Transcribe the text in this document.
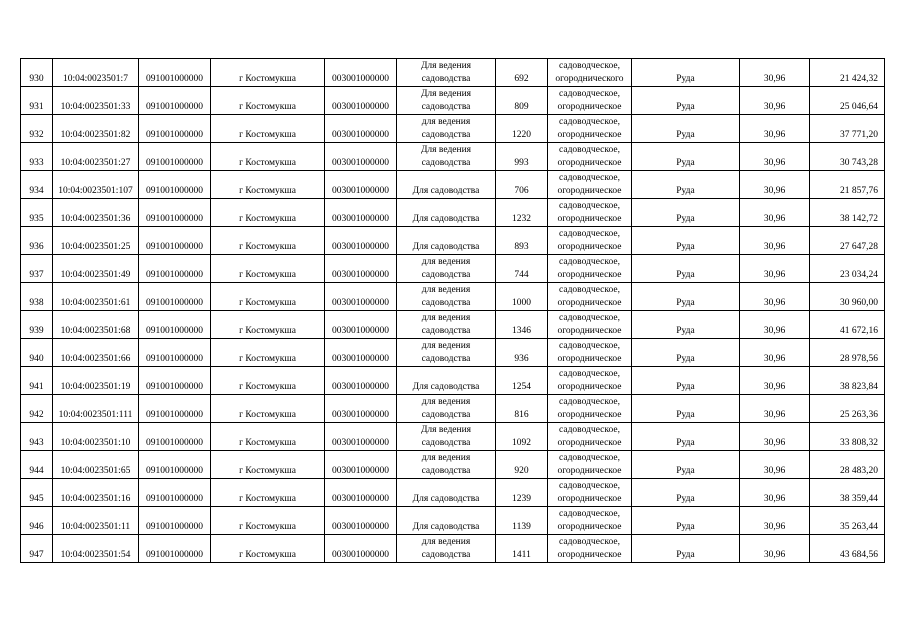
930	10:04:0023501:7	091001000000	г Костомукша	003001000000	Для ведения садоводства	692	садоводческое, огороднического	Руда	30,96	21 424,32
931	10:04:0023501:33	091001000000	г Костомукша	003001000000	Для ведения садоводства	809	садоводческое, огородническое	Руда	30,96	25 046,64
932	10:04:0023501:82	091001000000	г Костомукша	003001000000	для ведения садоводства	1220	садоводческое, огородническое	Руда	30,96	37 771,20
933	10:04:0023501:27	091001000000	г Костомукша	003001000000	Для ведения садоводства	993	садоводческое, огородническое	Руда	30,96	30 743,28
934	10:04:0023501:107	091001000000	г Костомукша	003001000000	Для садоводства	706	садоводческое, огородническое	Руда	30,96	21 857,76
935	10:04:0023501:36	091001000000	г Костомукша	003001000000	Для садоводства	1232	садоводческое, огородническое	Руда	30,96	38 142,72
936	10:04:0023501:25	091001000000	г Костомукша	003001000000	Для садоводства	893	садоводческое, огородническое	Руда	30,96	27 647,28
937	10:04:0023501:49	091001000000	г Костомукша	003001000000	для ведения садоводства	744	садоводческое, огородническое	Руда	30,96	23 034,24
938	10:04:0023501:61	091001000000	г Костомукша	003001000000	для ведения садоводства	1000	садоводческое, огородническое	Руда	30,96	30 960,00
939	10:04:0023501:68	091001000000	г Костомукша	003001000000	для ведения садоводства	1346	садоводческое, огородническое	Руда	30,96	41 672,16
940	10:04:0023501:66	091001000000	г Костомукша	003001000000	для ведения садоводства	936	садоводческое, огородническое	Руда	30,96	28 978,56
941	10:04:0023501:19	091001000000	г Костомукша	003001000000	Для садоводства	1254	садоводческое, огородническое	Руда	30,96	38 823,84
942	10:04:0023501:111	091001000000	г Костомукша	003001000000	для ведения садоводства	816	садоводческое, огородническое	Руда	30,96	25 263,36
943	10:04:0023501:10	091001000000	г Костомукша	003001000000	Для ведения садоводства	1092	садоводческое, огородническое	Руда	30,96	33 808,32
944	10:04:0023501:65	091001000000	г Костомукша	003001000000	для ведения садоводства	920	садоводческое, огородническое	Руда	30,96	28 483,20
945	10:04:0023501:16	091001000000	г Костомукша	003001000000	Для садоводства	1239	садоводческое, огородническое	Руда	30,96	38 359,44
946	10:04:0023501:11	091001000000	г Костомукша	003001000000	Для садоводства	1139	садоводческое, огородническое	Руда	30,96	35 263,44
947	10:04:0023501:54	091001000000	г Костомукша	003001000000	для ведения садоводства	1411	садоводческое, огородническое	Руда	30,96	43 684,56
